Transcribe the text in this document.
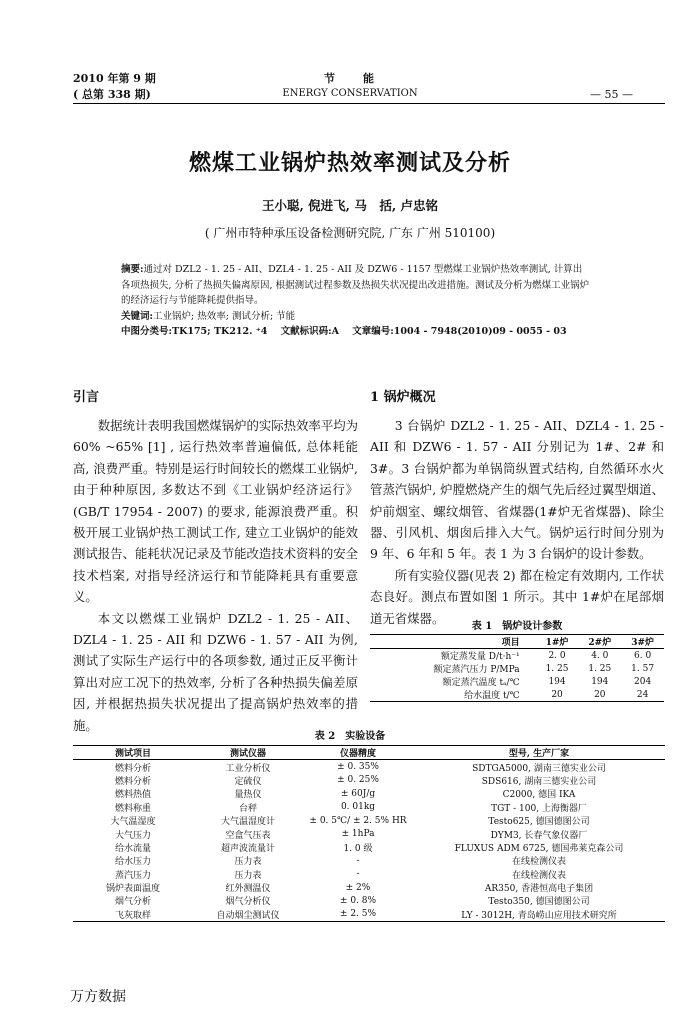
2010 年第 9 期
( 总第 338 期)
节　　能
ENERGY CONSERVATION	— 55 —
燃煤工业锅炉热效率测试及分析
王小聪, 倪进飞, 马　括, 卢忠铭
( 广州市特种承压设备检测研究院, 广东 广州 510100)
摘要:通过对 DZL2 - 1. 25 - AII、DZL4 - 1. 25 - AII 及 DZW6 - 1157 型燃煤工业锅炉热效率测试, 计算出各项热损失, 分析了热损失偏离原因, 根据测试过程参数及热损失状况提出改进措施。测试及分析为燃煤工业锅炉的经济运行与节能降耗提供指导。
关键词:工业锅炉; 热效率; 测试分析; 节能
中图分类号:TK175; TK212. ⁺4 文献标识码:A 文章编号:1004 - 7948(2010)09 - 0055 - 03
引言

数据统计表明我国燃煤锅炉的实际热效率平均为 60% ~65% [1] , 运行热效率普遍偏低, 总体耗能高, 浪费严重。特别是运行时间较长的燃煤工业锅炉, 由于种种原因, 多数达不到《工业锅炉经济运行》(GB/T 17954 - 2007) 的要求, 能源浪费严重。积极开展工业锅炉热工测试工作, 建立工业锅炉的能效测试报告、能耗状况记录及节能改造技术资料的安全技术档案, 对指导经济运行和节能降耗具有重要意义。

本文以燃煤工业锅炉 DZL2 - 1. 25 - AII、DZL4 - 1. 25 - AII 和 DZW6 - 1. 57 - AII 为例, 测试了实际生产运行中的各项参数, 通过正反平衡计算出对应工况下的热效率, 分析了各种热损失偏差原因, 并根据热损失状况提出了提高锅炉热效率的措施。

1 锅炉概况

3 台锅炉 DZL2 - 1. 25 - AII、DZL4 - 1. 25 - AII 和 DZW6 - 1. 57 - AII 分别记为 1#、2# 和 3#。3 台锅炉都为单锅筒纵置式结构, 自然循环水火管蒸汽锅炉, 炉膛燃烧产生的烟气先后经过翼型烟道、炉前烟室、螺纹烟管、省煤器(1#炉无省煤器)、除尘器、引风机、烟囱后排入大气。锅炉运行时间分别为 9 年、6 年和 5 年。表 1 为 3 台锅炉的设计参数。

所有实验仪器(见表 2) 都在检定有效期内, 工作状态良好。测点布置如图 1 所示。其中 1#炉在尾部烟道无省煤器。

表 1　锅炉设计参数
项目	1#炉	2#炉	3#炉
额定蒸发量 D/t·h⁻¹	2. 0	4. 0	6. 0
额定蒸汽压力 P/MPa	1. 25	1. 25	1. 57
额定蒸汽温度 tₐ/℃	194	194	204
给水温度 t/℃	20	20	24
表 2　实验设备
测试项目	测试仪器	仪器精度	型号, 生产厂家
燃料分析	工业分析仪	± 0. 35%	SDTGA5000, 湖南三德实业公司
燃料分析	定硫仪	± 0. 25%	SDS616, 湖南三德实业公司
燃料热值	量热仪	± 60J/g	C2000, 德国 IKA
燃料称重	台秤	0. 01kg	TGT - 100, 上海衡器厂
大气温湿度	大气温湿度计	± 0. 5℃/ ± 2. 5% HR	Testo625, 德国德图公司
大气压力	空盒气压表	± 1hPa	DYM3, 长春气象仪器厂
给水流量	超声波流量计	1. 0 级	FLUXUS ADM 6725, 德国弗莱克森公司
给水压力	压力表	-	在线检测仪表
蒸汽压力	压力表	-	在线检测仪表
锅炉表面温度	红外测温仪	± 2%	AR350, 香港恒高电子集团
烟气分析	烟气分析仪	± 0. 8%	Testo350, 德国德图公司
飞灰取样	自动烟尘测试仪	± 2. 5%	LY - 3012H, 青岛崂山应用技术研究所
万方数据
